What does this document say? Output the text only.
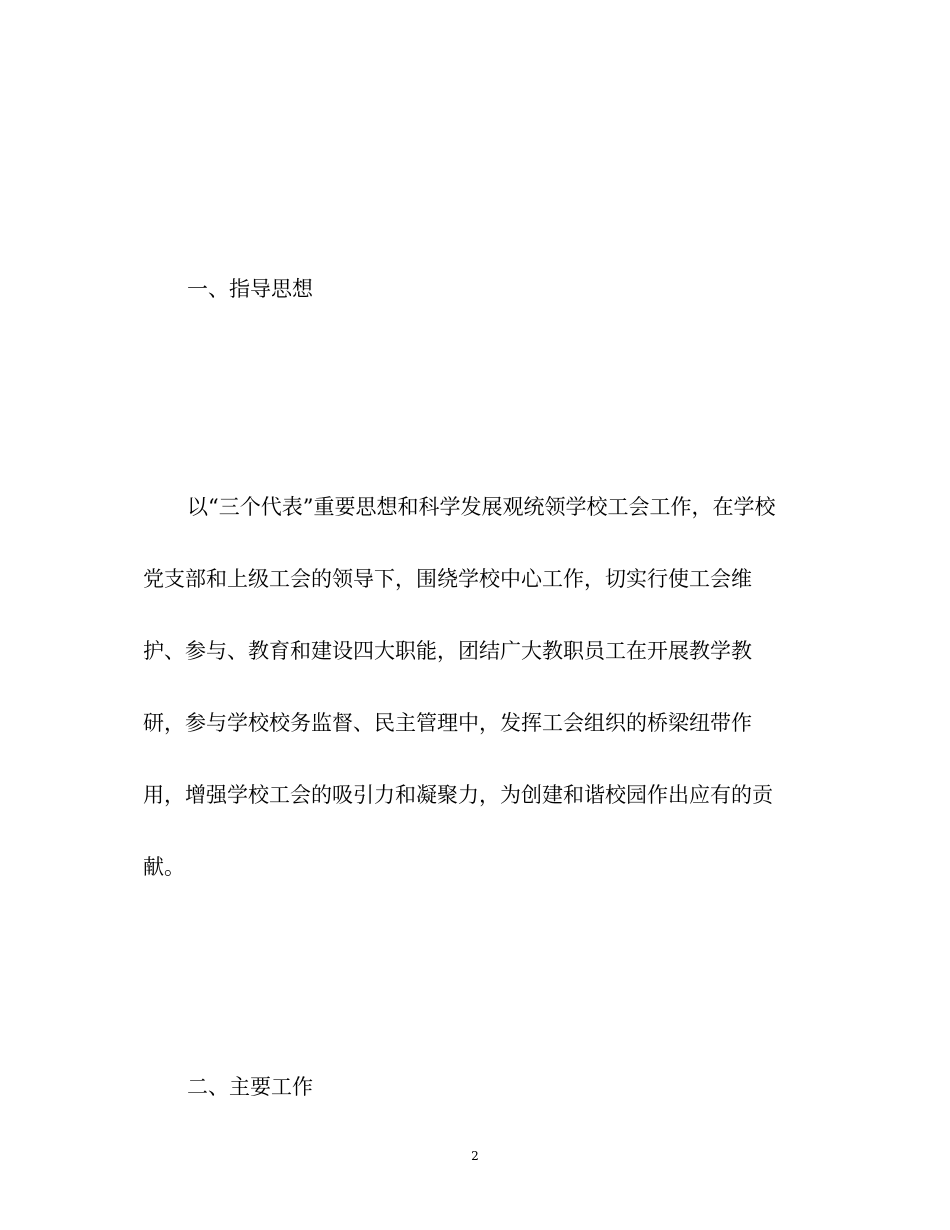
一、指导思想
以“三个代表”重要思想和科学发展观统领学校工会工作，在学校
党支部和上级工会的领导下，围绕学校中心工作，切实行使工会维
护、参与、教育和建设四大职能，团结广大教职员工在开展教学教
研，参与学校校务监督、民主管理中，发挥工会组织的桥梁纽带作
用，增强学校工会的吸引力和凝聚力，为创建和谐校园作出应有的贡
献。
二、主要工作
2
